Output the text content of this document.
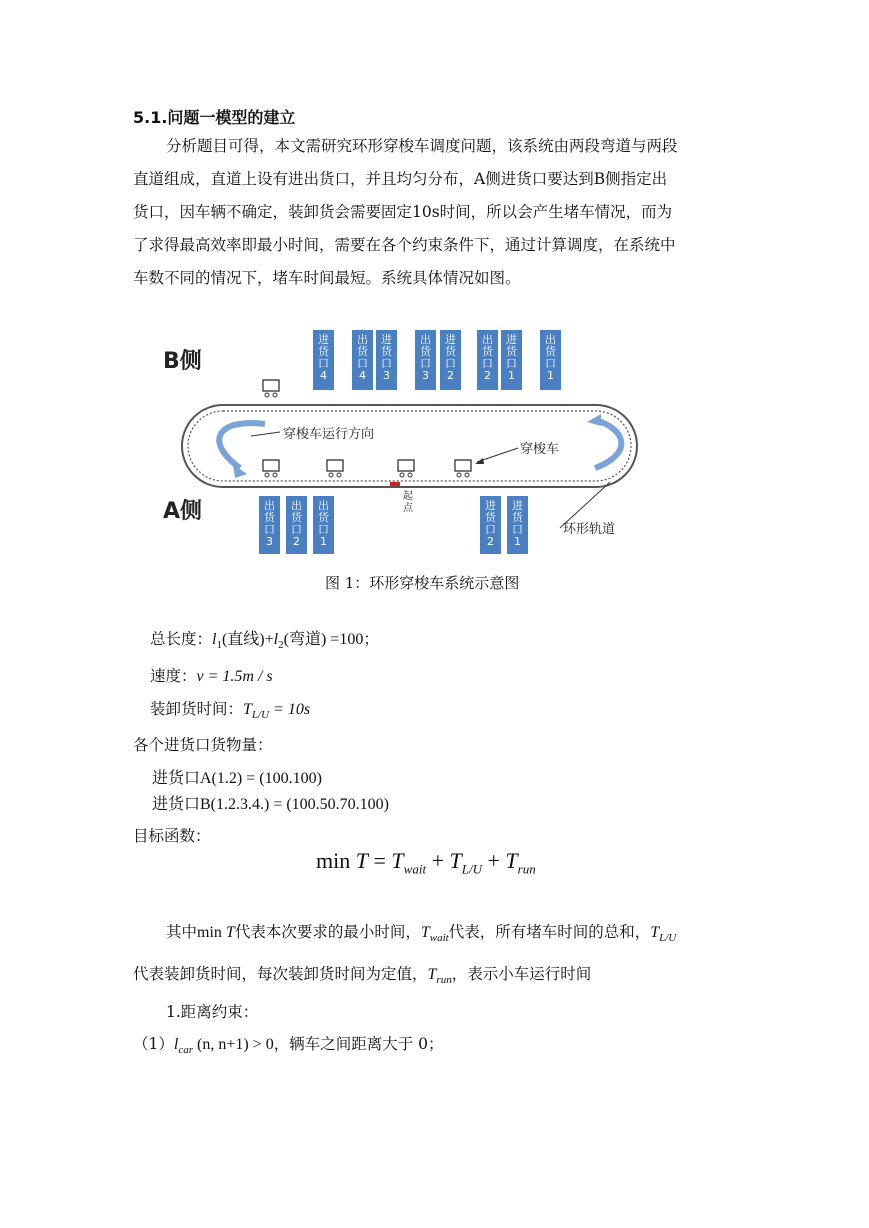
5.1.问题一模型的建立
分析题目可得，本文需研究环形穿梭车调度问题，该系统由两段弯道与两段
直道组成，直道上设有进出货口，并且均匀分布，A侧进货口要达到B侧指定出
货口，因车辆不确定，装卸货会需要固定10s时间，所以会产生堵车情况，而为
了求得最高效率即最小时间，需要在各个约束条件下，通过计算调度，在系统中
车数不同的情况下，堵车时间最短。系统具体情况如图。
B侧
A侧
进
货
口
4
出
货
口
4
进
货
口
3
出
货
口
3
进
货
口
2
出
货
口
2
进
货
口
1
出
货
口
1
出
货
口
3
出
货
口
2
出
货
口
1
进
货
口
2
进
货
口
1
起
点
穿梭车运行方向
穿梭车
环形轨道
图 1：环形穿梭车系统示意图
总长度：$l_1$(直线)$+l_2$(弯道) =100；
速度：v = 1.5m / s
装卸货时间：$T_{L/U} = 10s$
各个进货口货物量：
进货口A(1.2) = (100.100)
进货口B(1.2.3.4.) = (100.50.70.100)
目标函数：
$\min T = T_{wait} + T_{L/U} + T_{run}$
其中min T代表本次要求的最小时间，$T_{wait}$代表，所有堵车时间的总和，$T_{L/U}$
代表装卸货时间，每次装卸货时间为定值，$T_{run}$，表示小车运行时间
1.距离约束：
$(1)l_{car}$ (n, n+1) > 0，辆车之间距离大于 0；
